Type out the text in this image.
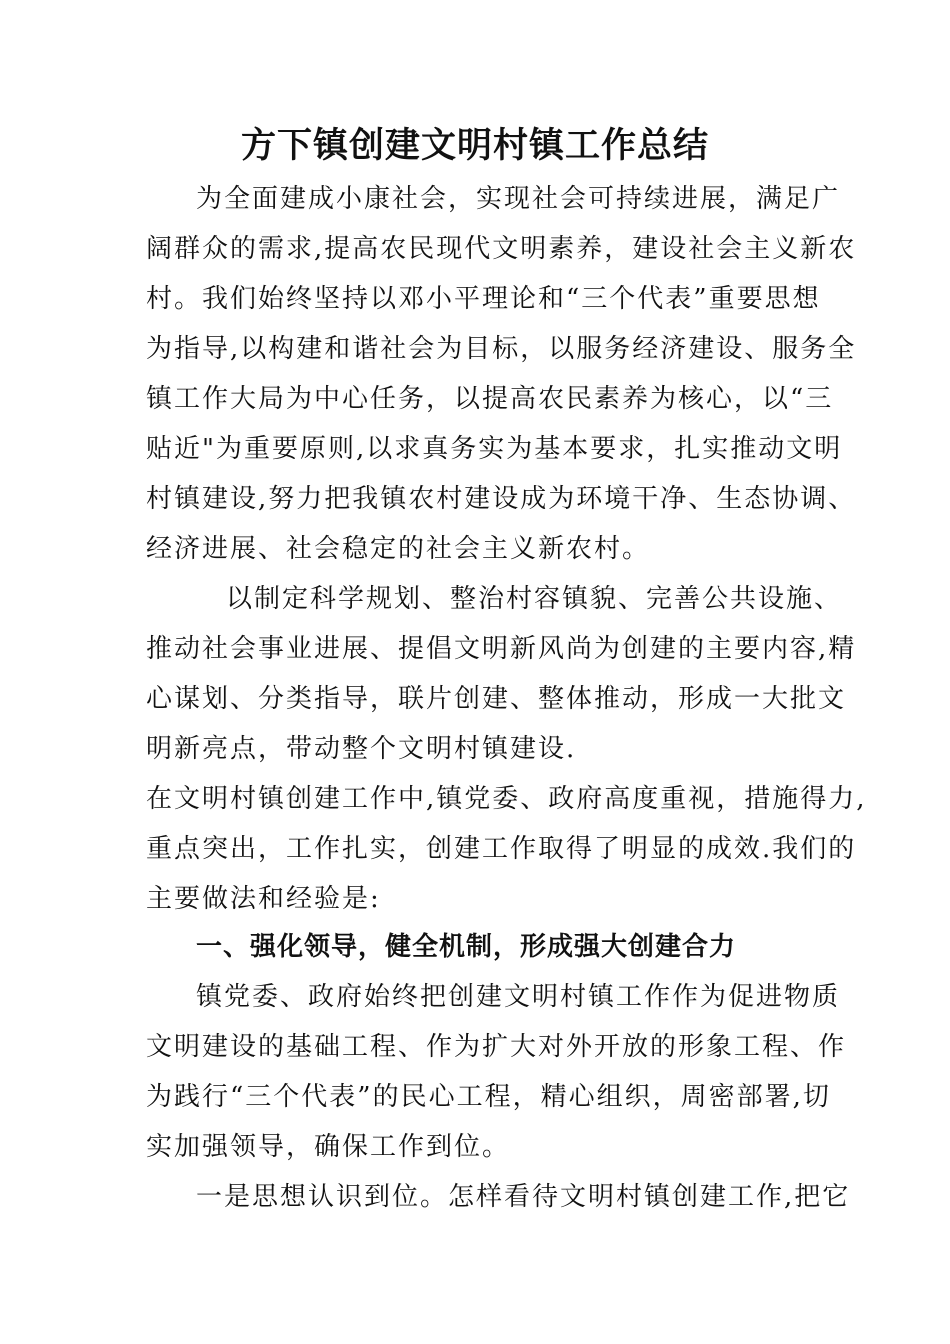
方下镇创建文明村镇工作总结
为全面建成小康社会，实现社会可持续进展，满足广
阔群众的需求,提高农民现代文明素养，建设社会主义新农
村。我们始终坚持以邓小平理论和“三个代表”重要思想
为指导,以构建和谐社会为目标，以服务经济建设、服务全
镇工作大局为中心任务，以提高农民素养为核心，以“三
贴近"为重要原则,以求真务实为基本要求，扎实推动文明
村镇建设,努力把我镇农村建设成为环境干净、生态协调、
经济进展、社会稳定的社会主义新农村。
以制定科学规划、整治村容镇貌、完善公共设施、
推动社会事业进展、提倡文明新风尚为创建的主要内容,精
心谋划、分类指导，联片创建、整体推动，形成一大批文
明新亮点，带动整个文明村镇建设.
在文明村镇创建工作中,镇党委、政府高度重视，措施得力,
重点突出，工作扎实，创建工作取得了明显的成效.我们的
主要做法和经验是:
一、强化领导，健全机制，形成强大创建合力
镇党委、政府始终把创建文明村镇工作作为促进物质
文明建设的基础工程、作为扩大对外开放的形象工程、作
为践行“三个代表”的民心工程，精心组织，周密部署,切
实加强领导，确保工作到位。
一是思想认识到位。怎样看待文明村镇创建工作,把它
